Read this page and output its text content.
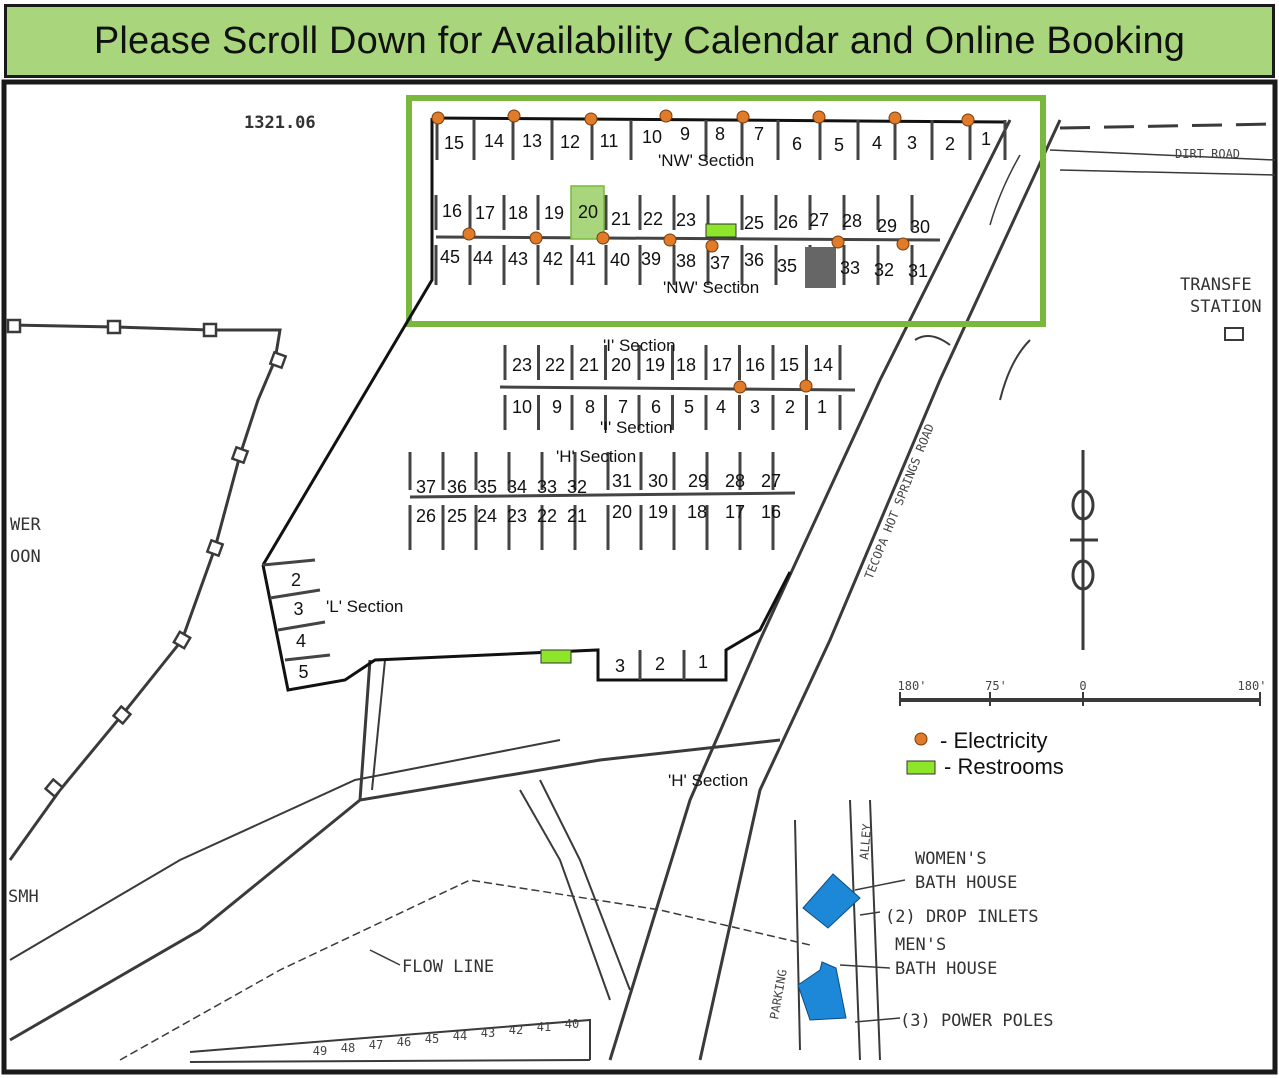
15 14 13 12 11 10 9 8 7 6 5 4 3 2 1
16 17 18 19 20 21 22 23	25 26 27 28 29 30
45 44 43 42 41 40 39 38 37 36 35 33 32 31
23 22 21 20 19 18 17 16 15 14
10 9 8 7 6 5 4 3 2 1
37 36 35 34 33 32 31 30 29 28 27
26 25 24 23 22 21 20 19 18 17 16
2
3
4
5	3 2 1
'NW' Section
'NW' Section
'I' Section
'I' Section
'H' Section
'H' Section
'L' Section
1321.06
TRANSFE
STATION
TECOPA HOT SPRINGS ROAD
DIRT ROAD
WER
OON
SMH
FLOW LINE
WOMEN'S
BATH HOUSE
(2) DROP INLETS
MEN'S
BATH HOUSE
(3) POWER POLES
PARKING
ALLEY
180'	75'	0	180'
40
41
42
43
44
45
46
47
48
49
- Electricity
- Restrooms
Please Scroll Down for Availability Calendar and Online Booking
